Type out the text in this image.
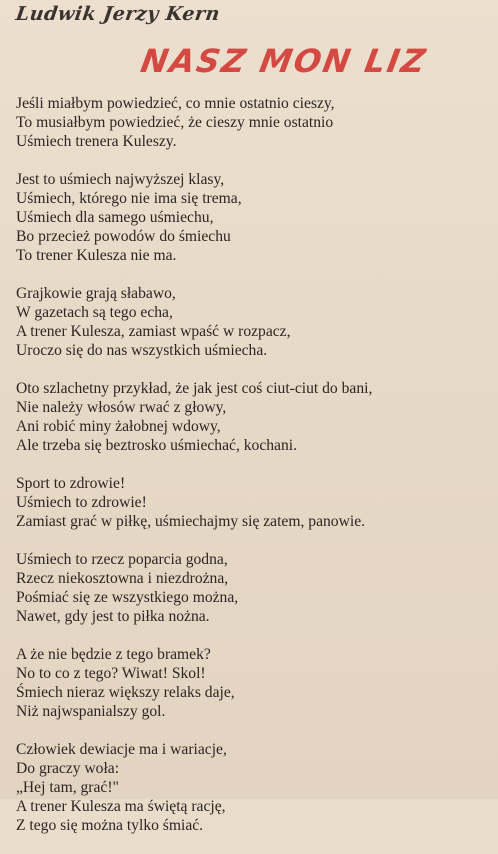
Ludwik Jerzy Kern
NASZ MON LIZ
Jeśli miałbym powiedzieć, co mnie ostatnio cieszy,
To musiałbym powiedzieć, że cieszy mnie ostatnio
Uśmiech trenera Kuleszy.
Jest to uśmiech najwyższej klasy,
Uśmiech, którego nie ima się trema,
Uśmiech dla samego uśmiechu,
Bo przecież powodów do śmiechu
To trener Kulesza nie ma.
Grajkowie grają słabawo,
W gazetach są tego echa,
A trener Kulesza, zamiast wpaść w rozpacz,
Uroczo się do nas wszystkich uśmiecha.
Oto szlachetny przykład, że jak jest coś ciut-ciut do bani,
Nie należy włosów rwać z głowy,
Ani robić miny żałobnej wdowy,
Ale trzeba się beztrosko uśmiechać, kochani.
Sport to zdrowie!
Uśmiech to zdrowie!
Zamiast grać w piłkę, uśmiechajmy się zatem, panowie.
Uśmiech to rzecz poparcia godna,
Rzecz niekosztowna i niezdrożna,
Pośmiać się ze wszystkiego można,
Nawet, gdy jest to piłka nożna.
A że nie będzie z tego bramek?
No to co z tego? Wiwat! Skol!
Śmiech nieraz większy relaks daje,
Niż najwspanialszy gol.
Człowiek dewiacje ma i wariacje,
Do graczy woła:
„Hej tam, grać!"
A trener Kulesza ma świętą rację,
Z tego się można tylko śmiać.
